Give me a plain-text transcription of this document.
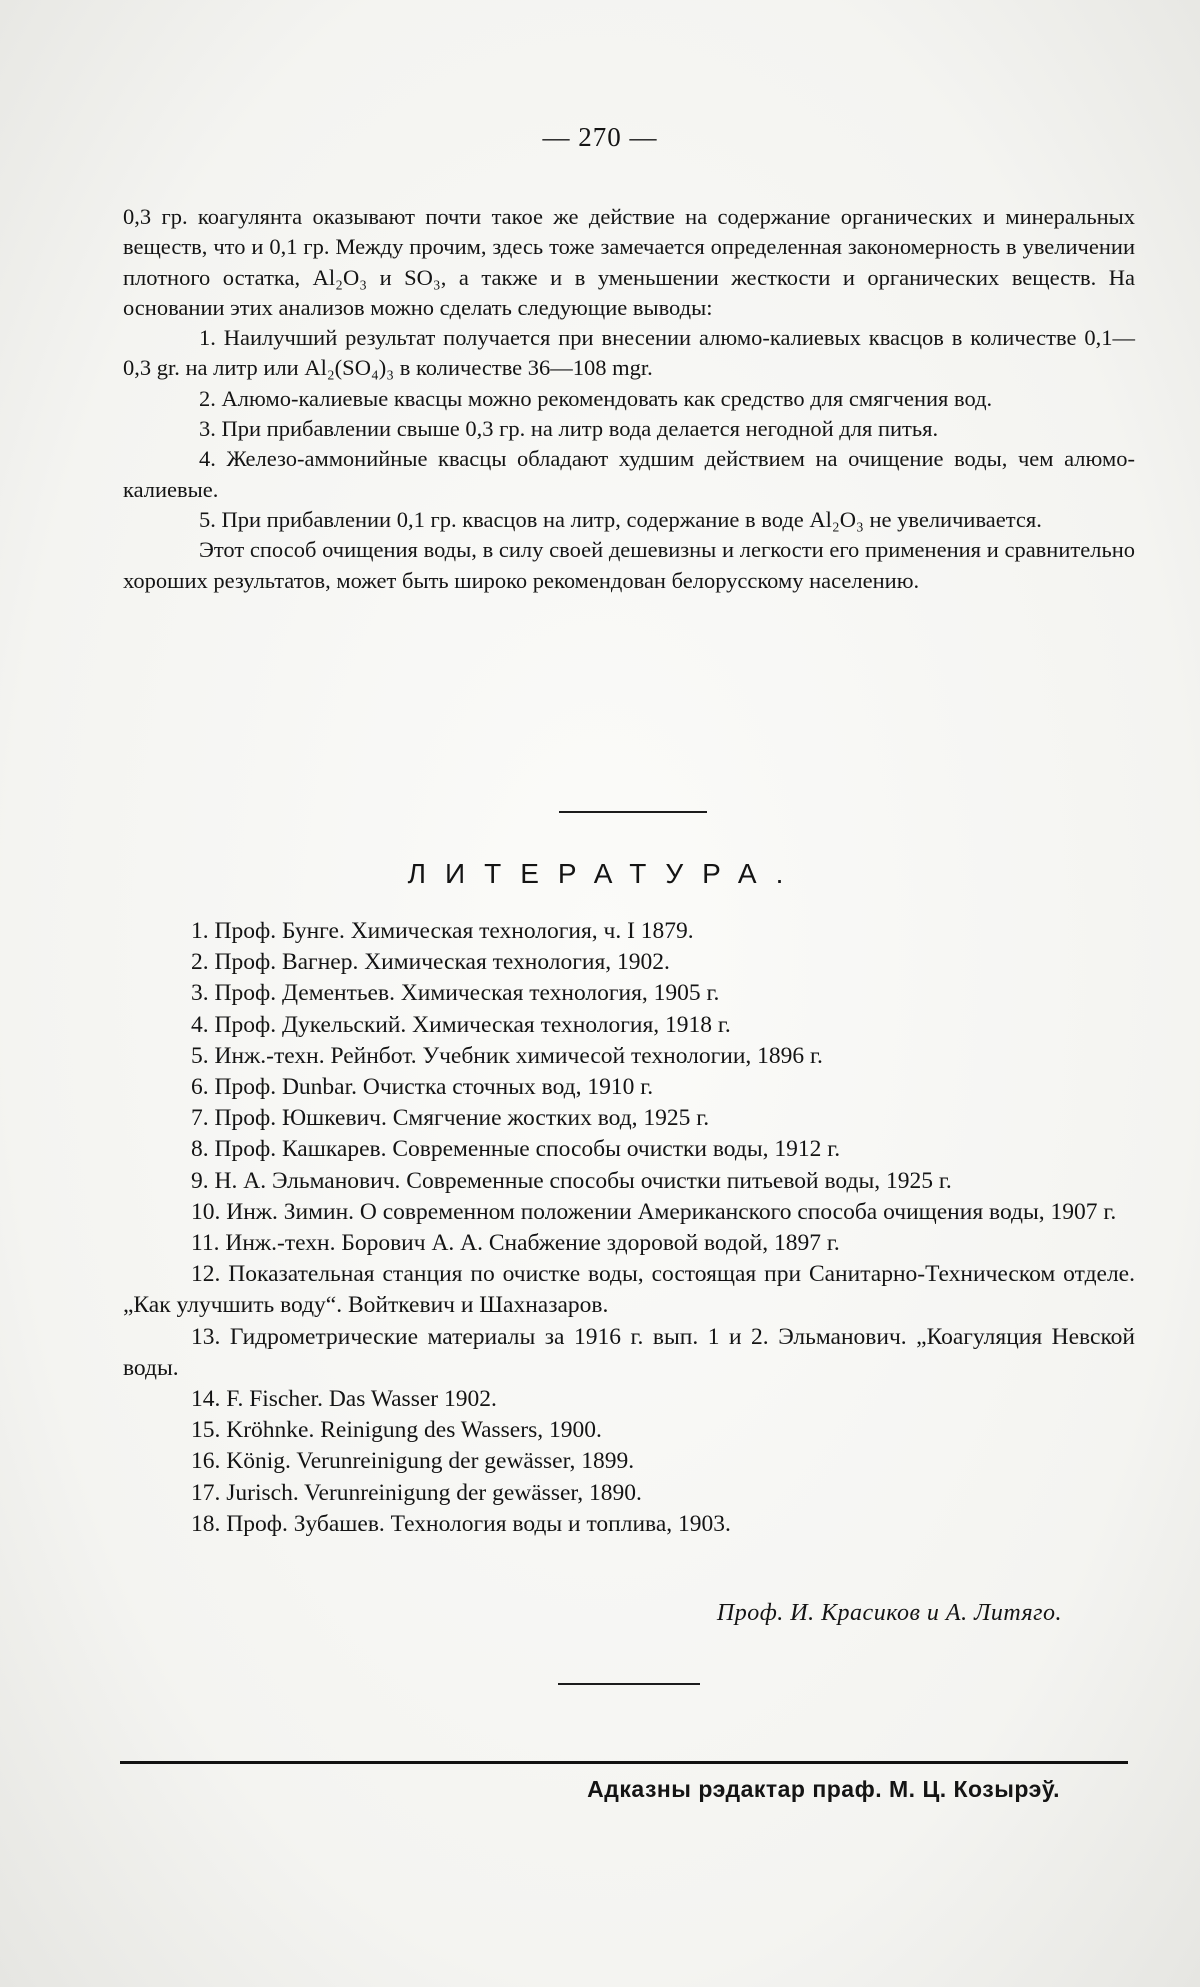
— 270 —

0,3 гр. коагулянта оказывают почти такое же действие на содержание органических и минеральных веществ, что и 0,1 гр. Между прочим, здесь тоже замечается определенная закономерность в увеличении плотного остатка, Al₂O₃ и SO₃, а также и в уменьшении жесткости и органических веществ. На основании этих анализов можно сделать следующие выводы:

1. Наилучший результат получается при внесении алюмо-калиевых квасцов в количестве 0,1—0,3 gr. на литр или Al₂(SO₄)₃ в количестве 36—108 mgr.

2. Алюмо-калиевые квасцы можно рекомендовать как средство для смягчения вод.

3. При прибавлении свыше 0,3 гр. на литр вода делается негодной для питья.

4. Железо-аммонийные квасцы обладают худшим действием на очищение воды, чем алюмо-калиевые.

5. При прибавлении 0,1 гр. квасцов на литр, содержание в воде Al₂O₃ не увеличивается.

Этот способ очищения воды, в силу своей дешевизны и легкости его применения и сравнительно хороших результатов, может быть широко рекомендован белорусскому населению.

ЛИТЕРАТУРА.

1. Проф. Бунге. Химическая технология, ч. I 1879.

2. Проф. Вагнер. Химическая технология, 1902.

3. Проф. Дементьев. Химическая технология, 1905 г.

4. Проф. Дукельский. Химическая технология, 1918 г.

5. Инж.-техн. Рейнбот. Учебник химичесой технологии, 1896 г.

6. Проф. Dunbar. Очистка сточных вод, 1910 г.

7. Проф. Юшкевич. Смягчение жостких вод, 1925 г.

8. Проф. Кашкарев. Современные способы очистки воды, 1912 г.

9. Н. А. Эльманович. Современные способы очистки питьевой воды, 1925 г.

10. Инж. Зимин. О современном положении Американского способа очищения воды, 1907 г.

11. Инж.-техн. Борович А. А. Снабжение здоровой водой, 1897 г.

12. Показательная станция по очистке воды, состоящая при Санитарно-Техническом отделе. „Как улучшить воду“. Войткевич и Шахназаров.

13. Гидрометрические материалы за 1916 г. вып. 1 и 2. Эльманович. „Коагуляция Невской воды.

14. F. Fischer. Das Wasser 1902.

15. Kröhnke. Reinigung des Wassers, 1900.

16. König. Verunreinigung der gewässer, 1899.

17. Jurisch. Verunreinigung der gewässer, 1890.

18. Проф. Зубашев. Технология воды и топлива, 1903.

Проф. И. Красиков и А. Литяго.
Адказны рэдактар праф. М. Ц. Козырэў.
